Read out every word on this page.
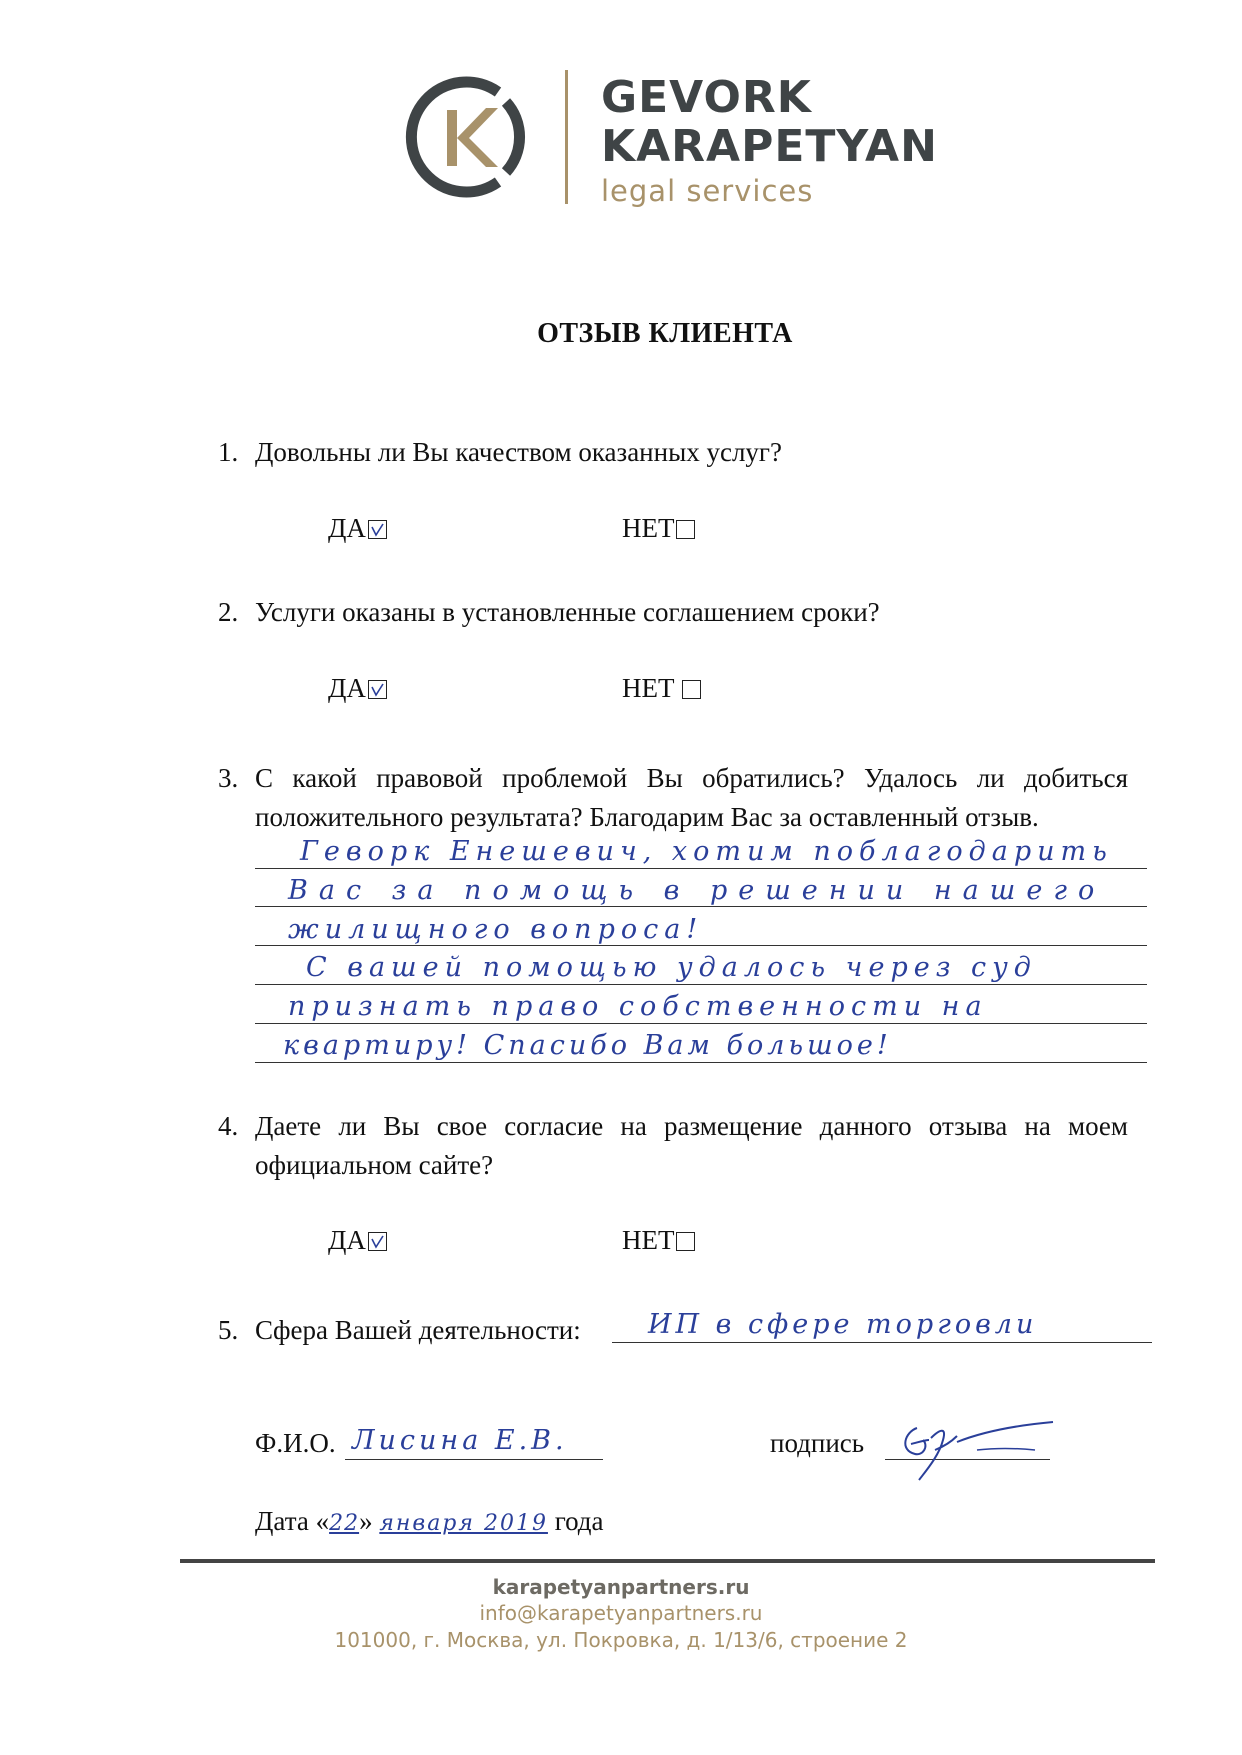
GEVORK
KARAPETYAN
legal services
ОТЗЫВ КЛИЕНТА
1. Довольны ли Вы качеством оказанных услуг?
ДА	НЕТ
2. Услуги оказаны в установленные соглашением сроки?
ДА	НЕТ
3. С какой правовой проблемой Вы обратились? Удалось ли добиться положительного результата? Благодарим Вас за оставленный отзыв.
Геворк Енешевич, хотим поблагодарить
Вас за помощь в решении нашего
жилищного вопроса!
С вашей помощью удалось через суд
признать право собственности на
квартиру! Спасибо Вам большое!
4. Даете ли Вы свое согласие на размещение данного отзыва на моем официальном сайте?
ДА	НЕТ
5. Сфера Вашей деятельности:	ИП в сфере торговли
Ф.И.О. Лисина Е.В.	подпись
Дата «22» января 2019 года
karapetyanpartners.ru
info@karapetyanpartners.ru
101000, г. Москва, ул. Покровка, д. 1/13/6, строение 2
